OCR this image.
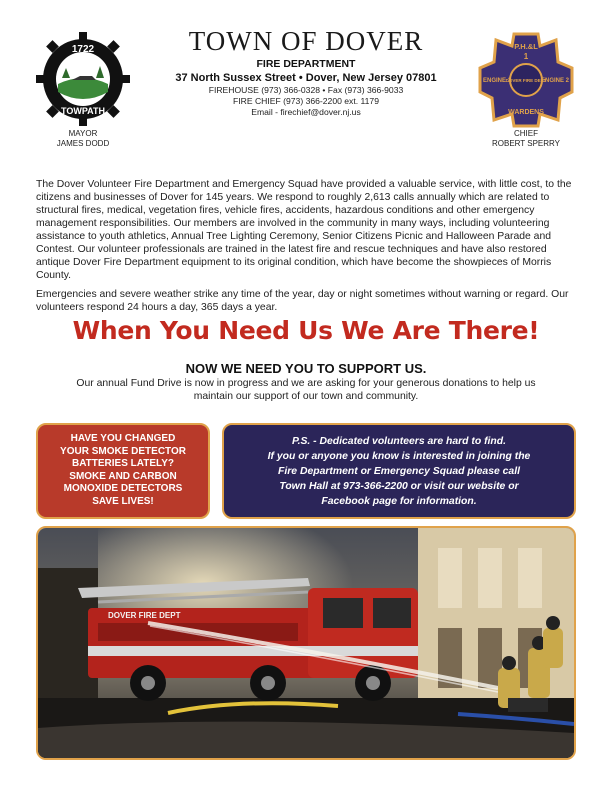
1722
TOWPATH
TOWN OF DOVER
FIRE DEPARTMENT
37 North Sussex Street • Dover, New Jersey 07801
FIREHOUSE (973) 366-0328 • Fax (973) 366-9033
FIRE CHIEF (973) 366-2200 ext. 1179
Email - firechief@dover.nj.us
P.H.&L
1
ENGINE 1	ENGINE 2
DOVER FIRE DEPT
WARDENS
MAYOR
JAMES DODD
CHIEF
ROBERT SPERRY

The Dover Volunteer Fire Department and Emergency Squad have provided a valuable service, with little cost, to the citizens and businesses of Dover for 145 years. We respond to roughly 2,613 calls annually which are related to structural fires, medical, vegetation fires, vehicle fires, accidents, hazardous conditions and other emergency management responsibilities. Our members are involved in the community in many ways, including volunteering assistance to youth athletics, Annual Tree Lighting Ceremony, Senior Citizens Picnic and Halloween Parade and Contest. Our volunteer professionals are trained in the latest fire and rescue techniques and have also restored antique Dover Fire Department equipment to its original condition, which have become the showpieces of Morris County.

Emergencies and severe weather strike any time of the year, day or night sometimes without warning or regard. Our volunteers respond 24 hours a day, 365 days a year.

When You Need Us We Are There!
NOW WE NEED YOU TO SUPPORT US.
Our annual Fund Drive is now in progress and we are asking for your generous donations to help us maintain our support of our town and community.
HAVE YOU CHANGED
YOUR SMOKE DETECTOR
BATTERIES LATELY?
SMOKE AND CARBON
MONOXIDE DETECTORS
SAVE LIVES!
P.S. - Dedicated volunteers are hard to find.
If you or anyone you know is interested in joining the
Fire Department or Emergency Squad please call
Town Hall at 973-366-2200 or visit our website or
Facebook page for information.
DOVER FIRE DEPT
